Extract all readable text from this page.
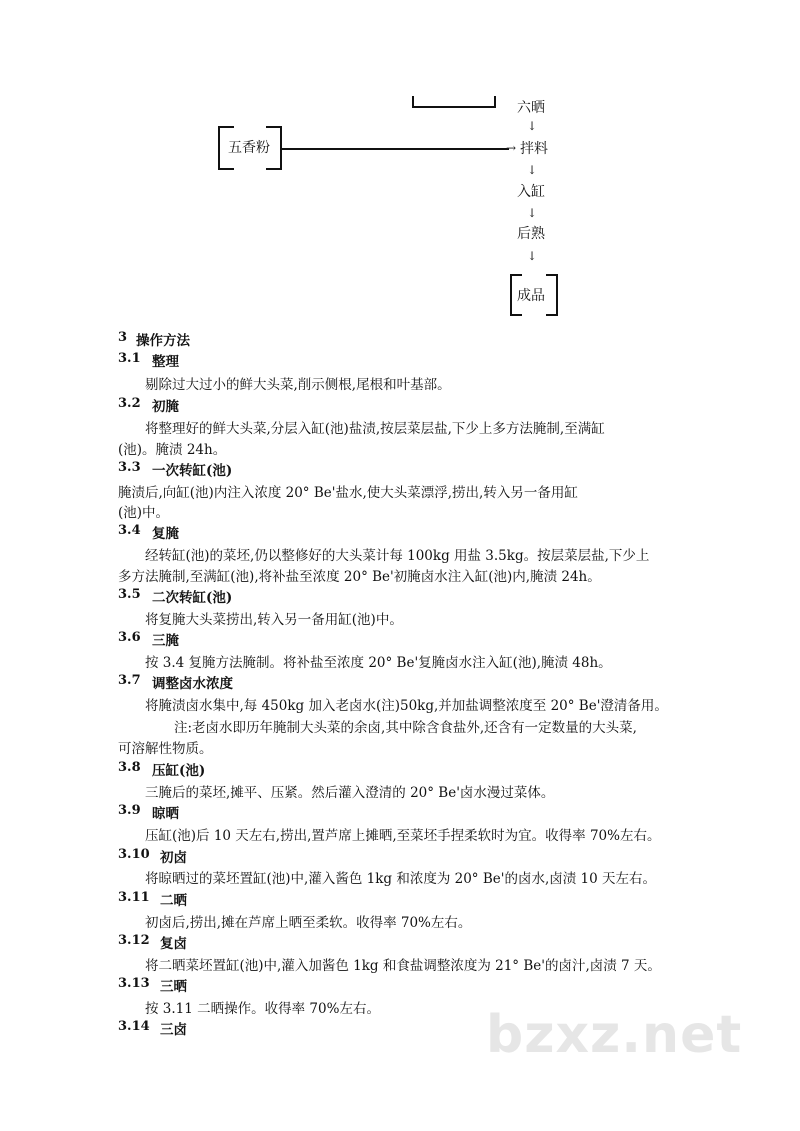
六晒
↓
拌料
↓
入缸
↓
后熟
↓
五香粉	→
成品
3 操作方法
3.1 整理
剔除过大过小的鲜大头菜,削示侧根,尾根和叶基部。
3.2 初腌
将整理好的鲜大头菜,分层入缸(池)盐渍,按层菜层盐,下少上多方法腌制,至满缸
(池)。腌渍 24h。
3.3 一次转缸(池)
腌渍后,向缸(池)内注入浓度 20° Be'盐水,使大头菜漂浮,捞出,转入另一备用缸
(池)中。
3.4 复腌
经转缸(池)的菜坯,仍以整修好的大头菜计每 100kg 用盐 3.5kg。按层菜层盐,下少上
多方法腌制,至满缸(池),将补盐至浓度 20° Be'初腌卤水注入缸(池)内,腌渍 24h。
3.5 二次转缸(池)
将复腌大头菜捞出,转入另一备用缸(池)中。
3.6 三腌
按 3.4 复腌方法腌制。将补盐至浓度 20° Be'复腌卤水注入缸(池),腌渍 48h。
3.7 调整卤水浓度
将腌渍卤水集中,每 450kg 加入老卤水(注)50kg,并加盐调整浓度至 20° Be'澄清备用。
注:老卤水即历年腌制大头菜的余卤,其中除含食盐外,还含有一定数量的大头菜,
可溶解性物质。
3.8 压缸(池)
三腌后的菜坯,摊平、压紧。然后灌入澄清的 20° Be'卤水漫过菜体。
3.9 晾晒
压缸(池)后 10 天左右,捞出,置芦席上摊晒,至菜坯手捏柔软时为宜。收得率 70%左右。
3.10 初卤
将晾晒过的菜坯置缸(池)中,灌入酱色 1kg 和浓度为 20° Be'的卤水,卤渍 10 天左右。
3.11 二晒
初卤后,捞出,摊在芦席上晒至柔软。收得率 70%左右。
3.12 复卤
将二晒菜坯置缸(池)中,灌入加酱色 1kg 和食盐调整浓度为 21° Be'的卤汁,卤渍 7 天。
3.13 三晒
按 3.11 二晒操作。收得率 70%左右。
3.14 三卤	bzxz.net
